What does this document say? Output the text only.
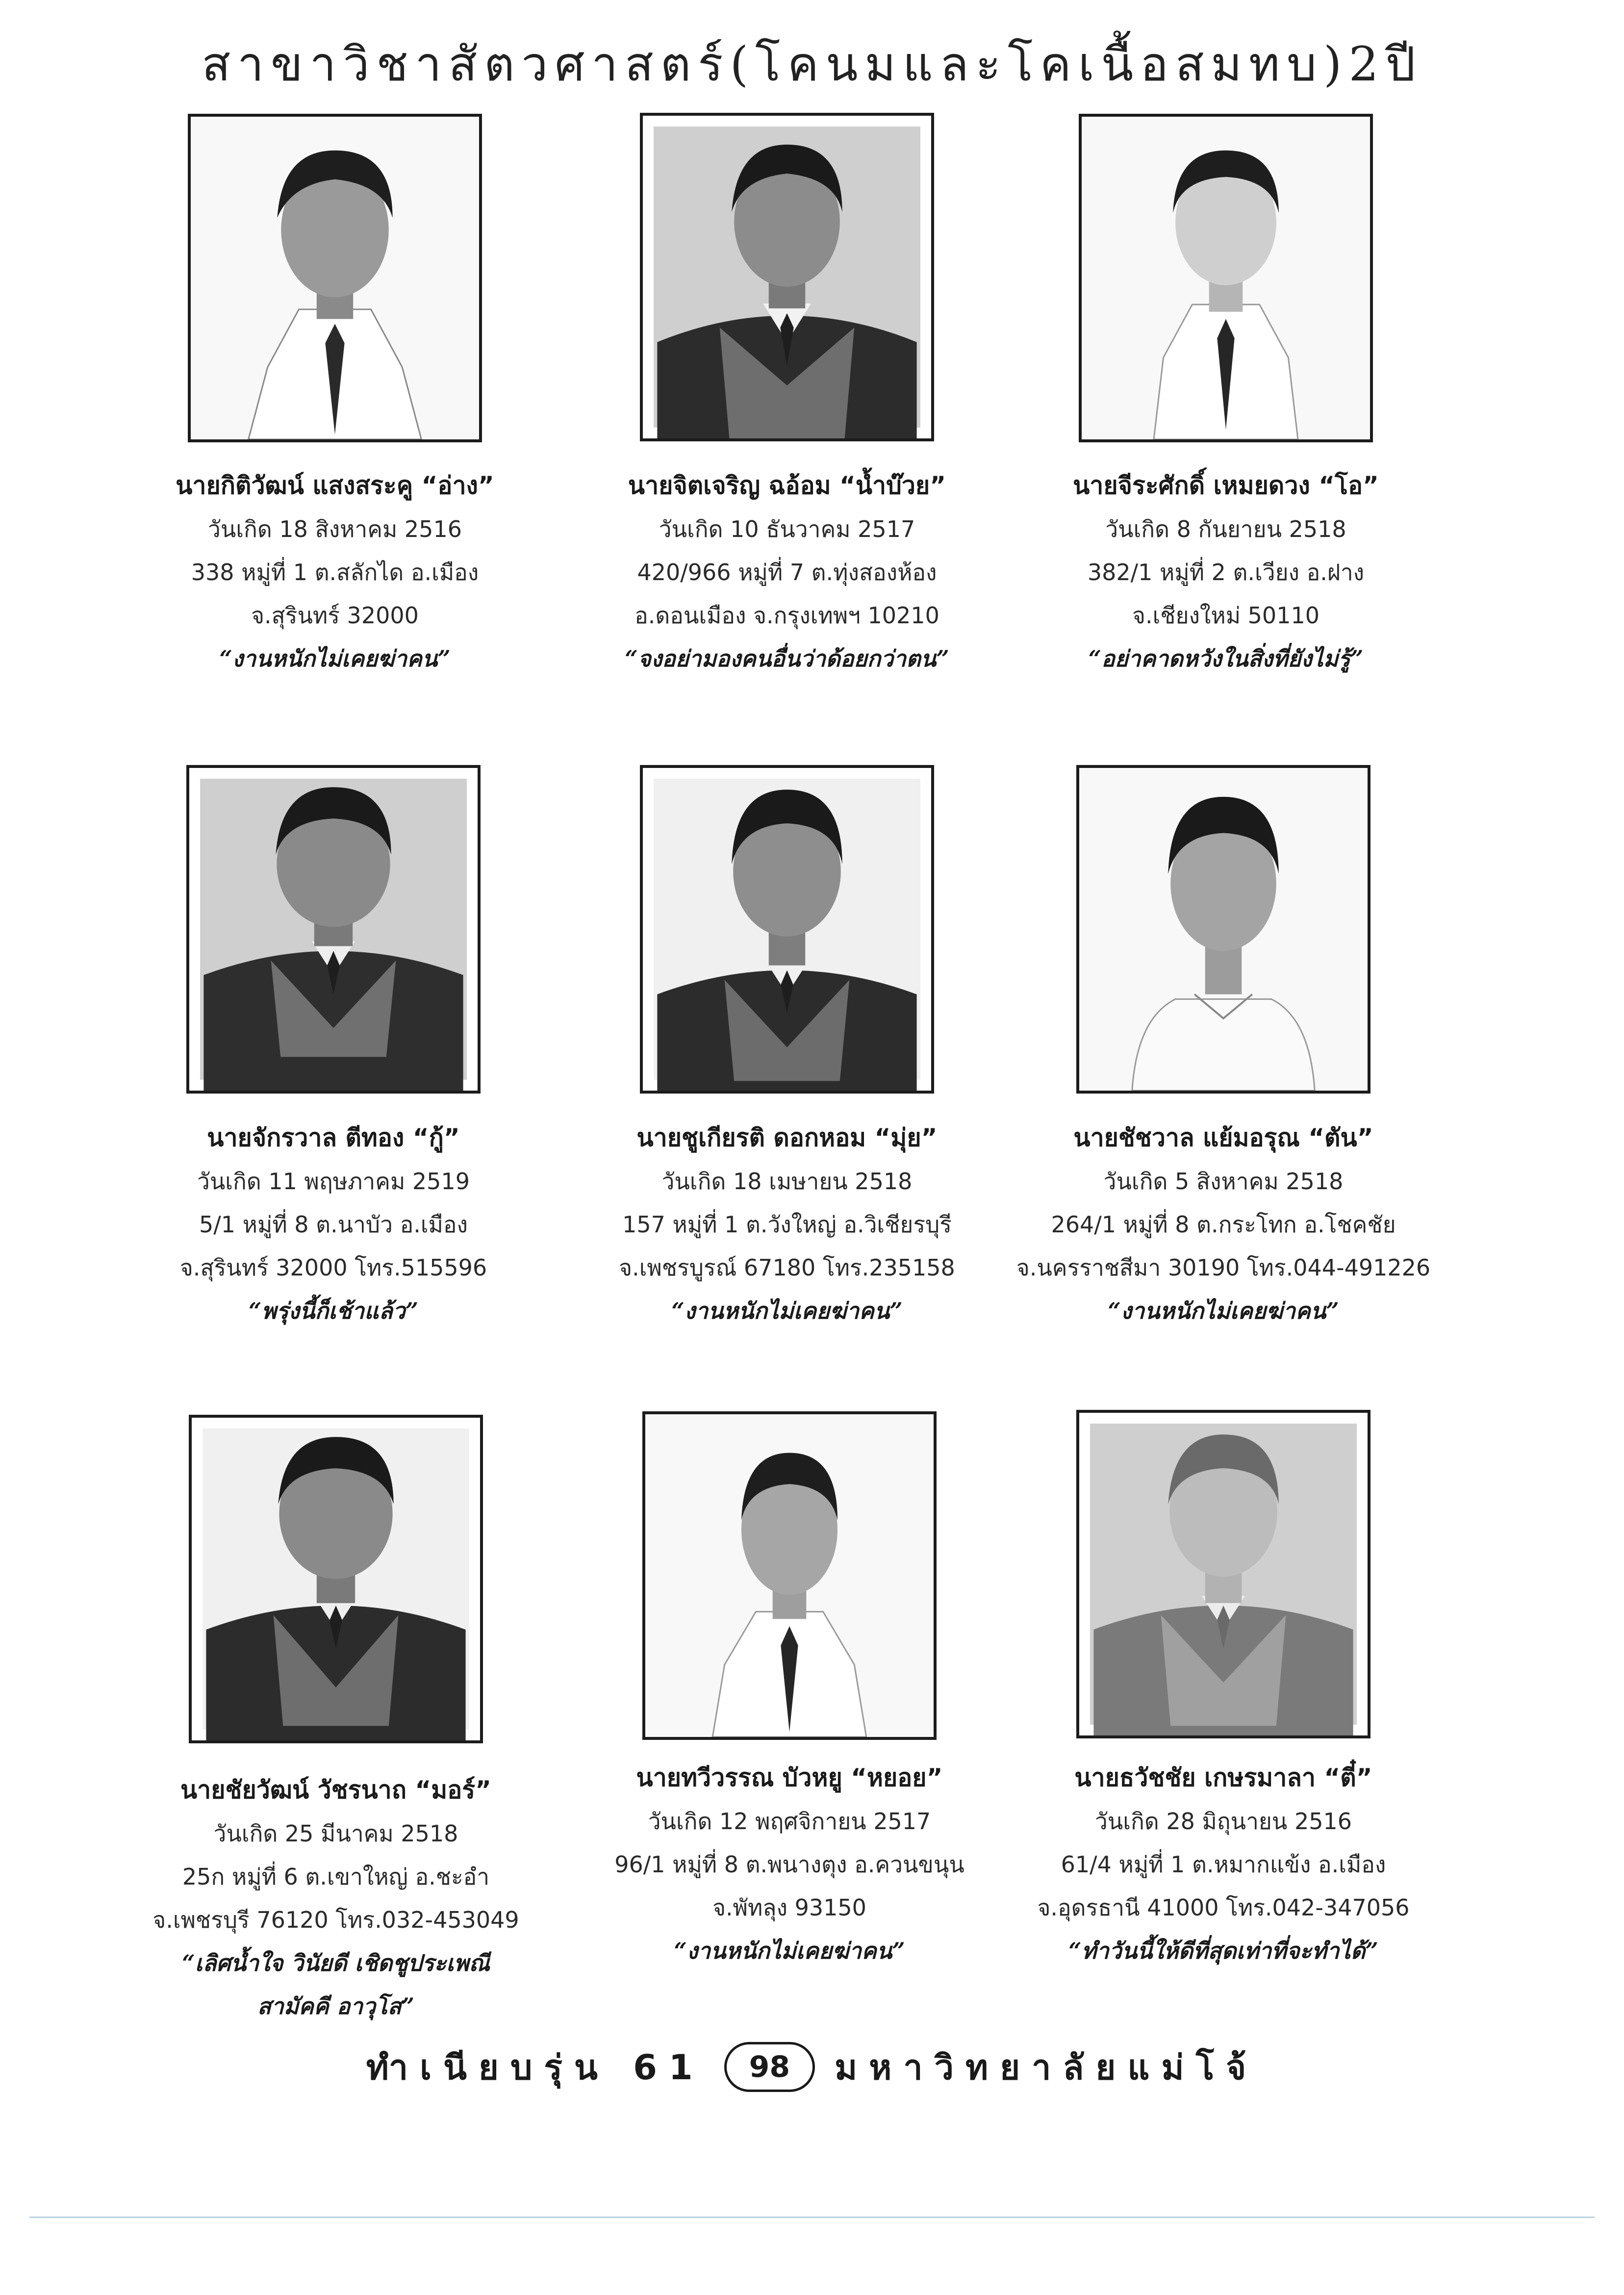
สาขาวิชาสัตวศาสตร์(โคนมและโคเนื้อสมทบ)2ปี
นายกิติวัฒน์ แสงสระคู “อ่าง”
วันเกิด 18 สิงหาคม 2516
338 หมู่ที่ 1 ต.สลักได อ.เมือง
จ.สุรินทร์ 32000
“งานหนักไม่เคยฆ่าคน”
นายจิตเจริญ ฉอ้อม “น้ำบ๊วย”
วันเกิด 10 ธันวาคม 2517
420/966 หมู่ที่ 7 ต.ทุ่งสองห้อง
อ.ดอนเมือง จ.กรุงเทพฯ 10210
“จงอย่ามองคนอื่นว่าด้อยกว่าตน”
นายจีระศักดิ์ เหมยดวง “โอ”
วันเกิด 8 กันยายน 2518
382/1 หมู่ที่ 2 ต.เวียง อ.ฝาง
จ.เชียงใหม่ 50110
“อย่าคาดหวังในสิ่งที่ยังไม่รู้”
นายจักรวาล ตีทอง “กู้”
วันเกิด 11 พฤษภาคม 2519
5/1 หมู่ที่ 8 ต.นาบัว อ.เมือง
จ.สุรินทร์ 32000 โทร.515596
“พรุ่งนี้ก็เช้าแล้ว”
นายชูเกียรติ ดอกหอม “มุ่ย”
วันเกิด 18 เมษายน 2518
157 หมู่ที่ 1 ต.วังใหญ่ อ.วิเชียรบุรี
จ.เพชรบูรณ์ 67180 โทร.235158
“งานหนักไม่เคยฆ่าคน”
นายชัชวาล แย้มอรุณ “ตัน”
วันเกิด 5 สิงหาคม 2518
264/1 หมู่ที่ 8 ต.กระโทก อ.โชคชัย
จ.นครราชสีมา 30190 โทร.044-491226
“งานหนักไม่เคยฆ่าคน”
นายชัยวัฒน์ วัชรนาถ “มอร์”
วันเกิด 25 มีนาคม 2518
25ก หมู่ที่ 6 ต.เขาใหญ่ อ.ชะอำ
จ.เพชรบุรี 76120 โทร.032-453049
“เลิศน้ำใจ วินัยดี เชิดชูประเพณี
สามัคคี อาวุโส”
นายทวีวรรณ บัวหยู “หยอย”
วันเกิด 12 พฤศจิกายน 2517
96/1 หมู่ที่ 8 ต.พนางตุง อ.ควนขนุน
จ.พัทลุง 93150
“งานหนักไม่เคยฆ่าคน”
นายธวัชชัย เกษรมาลา “ตี๋”
วันเกิด 28 มิถุนายน 2516
61/4 หมู่ที่ 1 ต.หมากแข้ง อ.เมือง
จ.อุดรธานี 41000 โทร.042-347056
“ทำวันนี้ให้ดีที่สุดเท่าที่จะทำได้”
ทำเนียบรุ่น 61	98	มหาวิทยาลัยแม่โจ้
